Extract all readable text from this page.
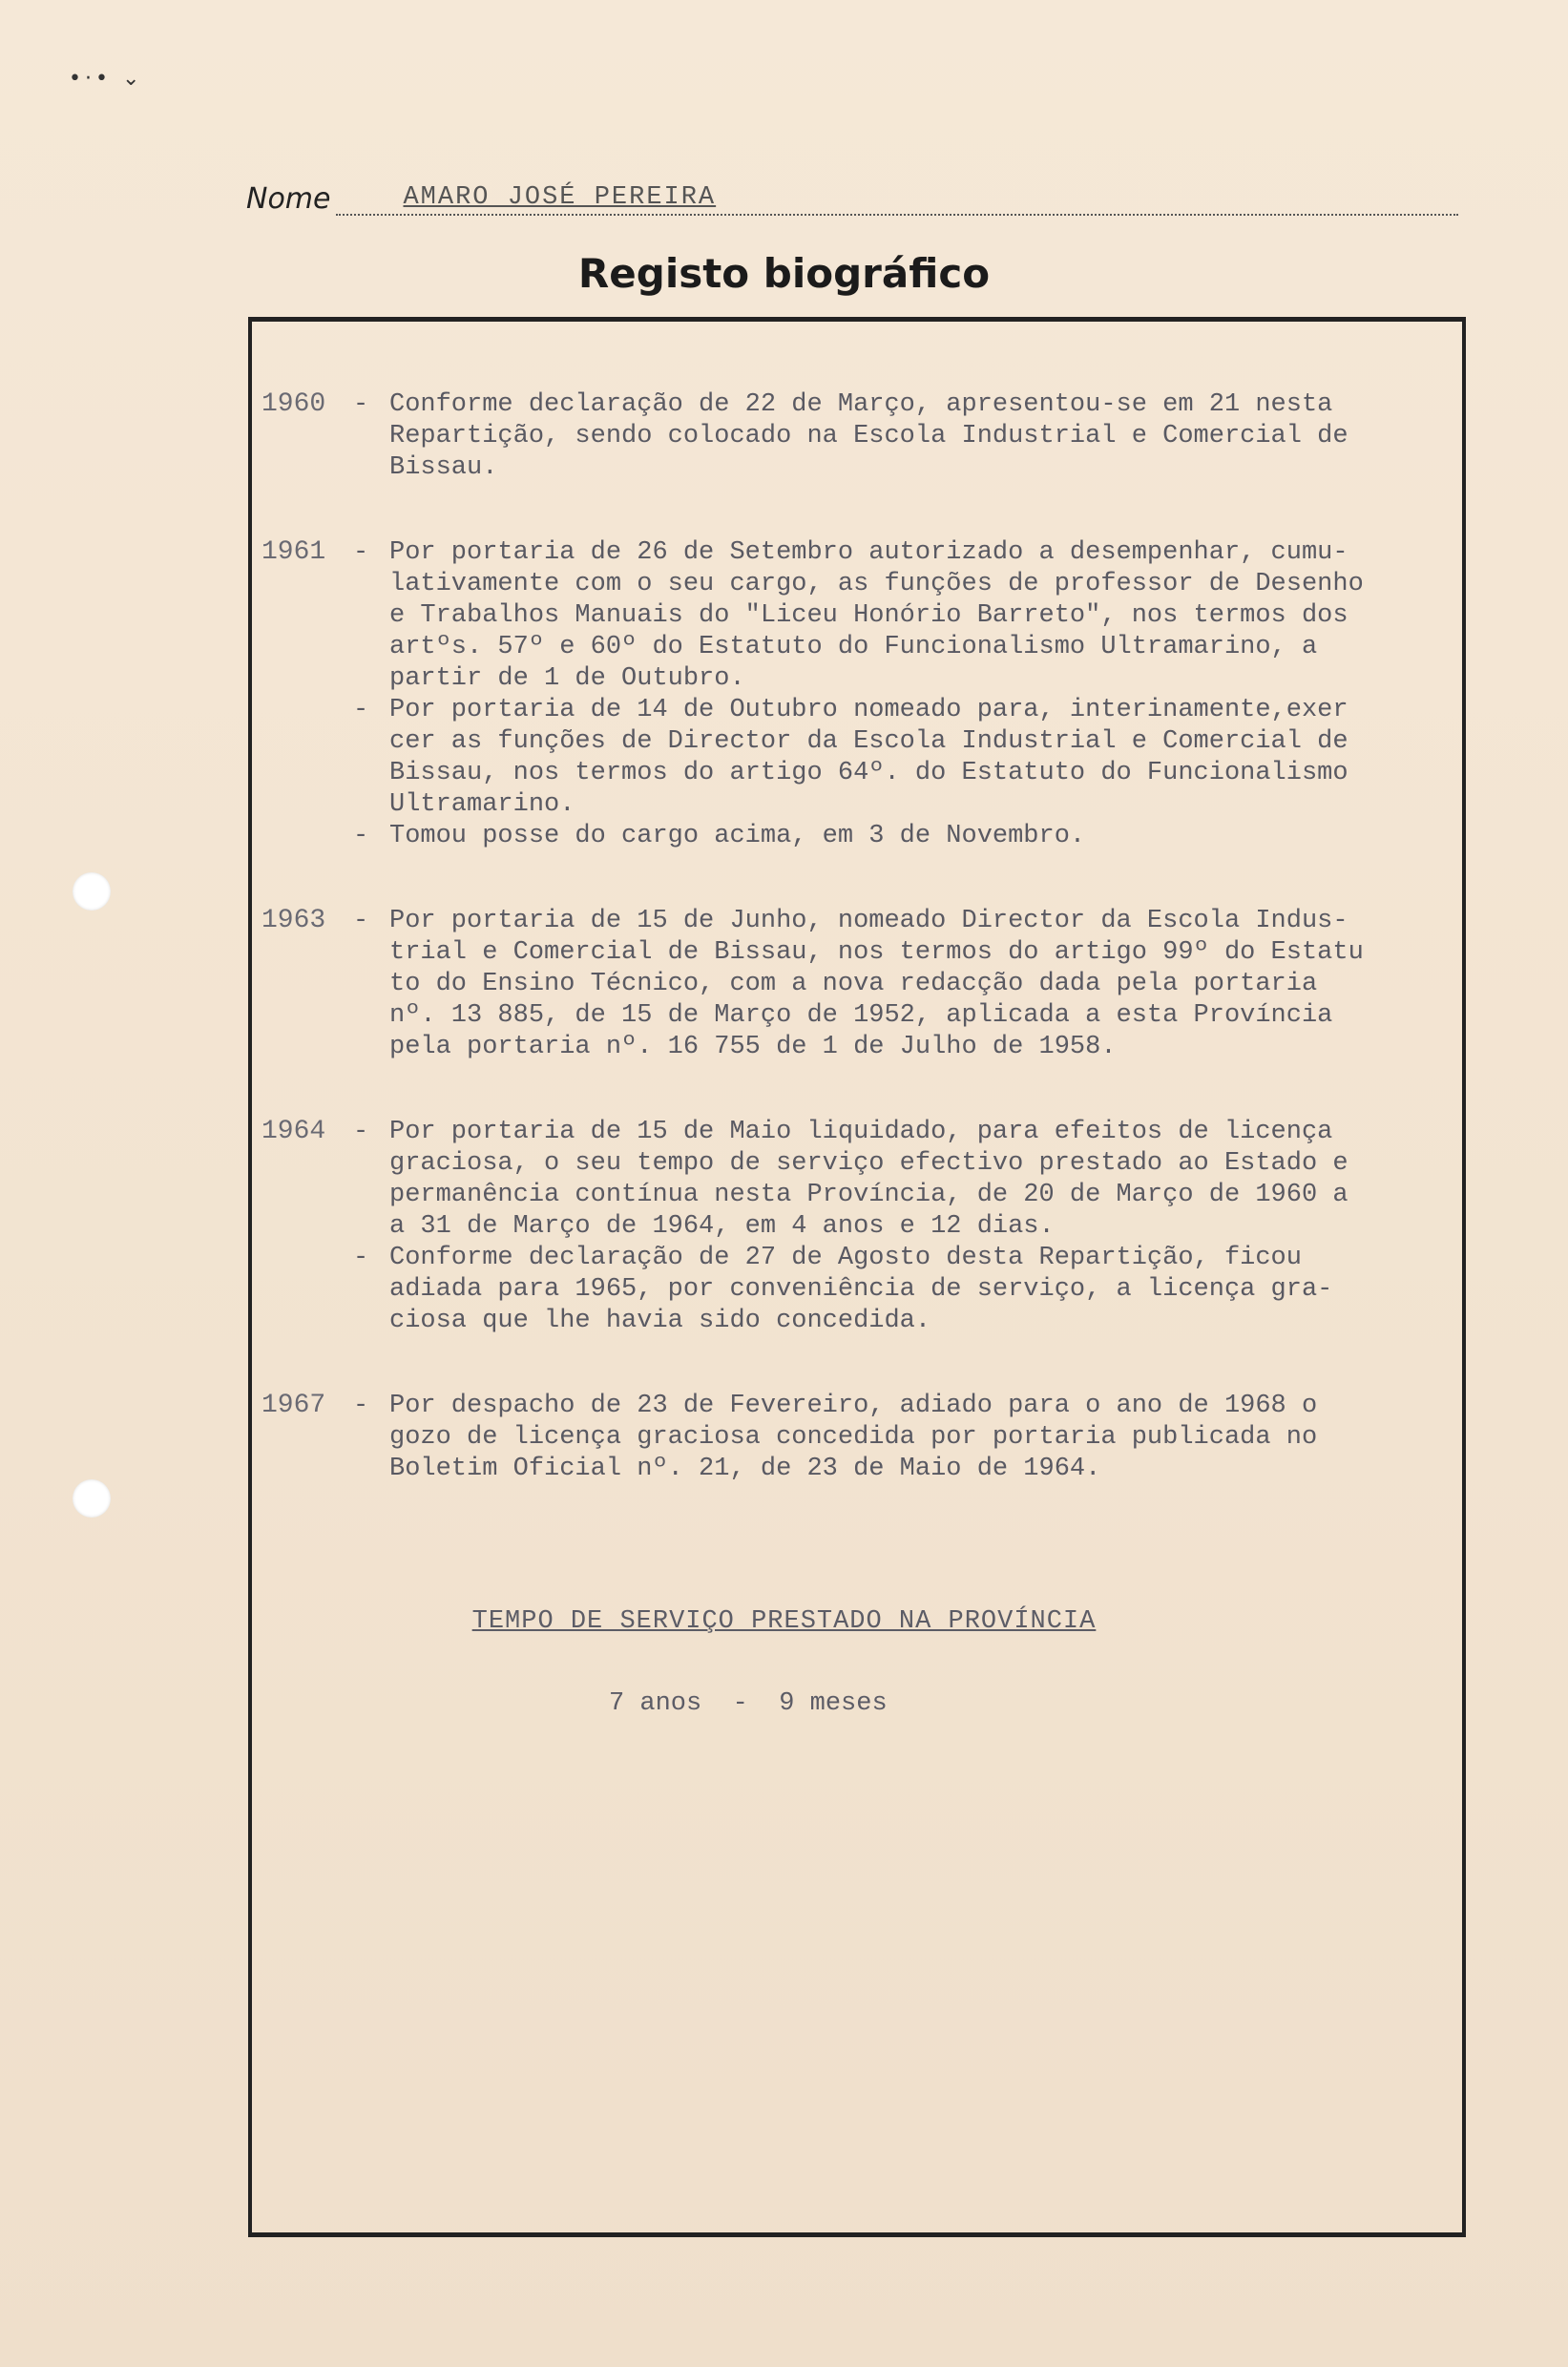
•·• ⌄
Nome	AMARO JOSÉ PEREIRA
Registo biográfico
1960	- Conforme declaração de 22 de Março, apresentou-se em 21 nesta
Repartição, sendo colocado na Escola Industrial e Comercial de
Bissau.
1961	- Por portaria de 26 de Setembro autorizado a desempenhar, cumu-
lativamente com o seu cargo, as funções de professor de Desenho
e Trabalhos Manuais do "Liceu Honório Barreto", nos termos dos
artºs. 57º e 60º do Estatuto do Funcionalismo Ultramarino, a
partir de 1 de Outubro.
- Por portaria de 14 de Outubro nomeado para, interinamente,exer
cer as funções de Director da Escola Industrial e Comercial de
Bissau, nos termos do artigo 64º. do Estatuto do Funcionalismo
Ultramarino.
- Tomou posse do cargo acima, em 3 de Novembro.
1963	- Por portaria de 15 de Junho, nomeado Director da Escola Indus-
trial e Comercial de Bissau, nos termos do artigo 99º do Estatu
to do Ensino Técnico, com a nova redacção dada pela portaria
nº. 13 885, de 15 de Março de 1952, aplicada a esta Província
pela portaria nº. 16 755 de 1 de Julho de 1958.
1964	- Por portaria de 15 de Maio liquidado, para efeitos de licença
graciosa, o seu tempo de serviço efectivo prestado ao Estado e
permanência contínua nesta Província, de 20 de Março de 1960 a
a 31 de Março de 1964, em 4 anos e 12 dias.
- Conforme declaração de 27 de Agosto desta Repartição, ficou
adiada para 1965, por conveniência de serviço, a licença gra-
ciosa que lhe havia sido concedida.
1967	- Por despacho de 23 de Fevereiro, adiado para o ano de 1968 o
gozo de licença graciosa concedida por portaria publicada no
Boletim Oficial nº. 21, de 23 de Maio de 1964.
TEMPO DE SERVIÇO PRESTADO NA PROVÍNCIA
7 anos  -  9 meses
